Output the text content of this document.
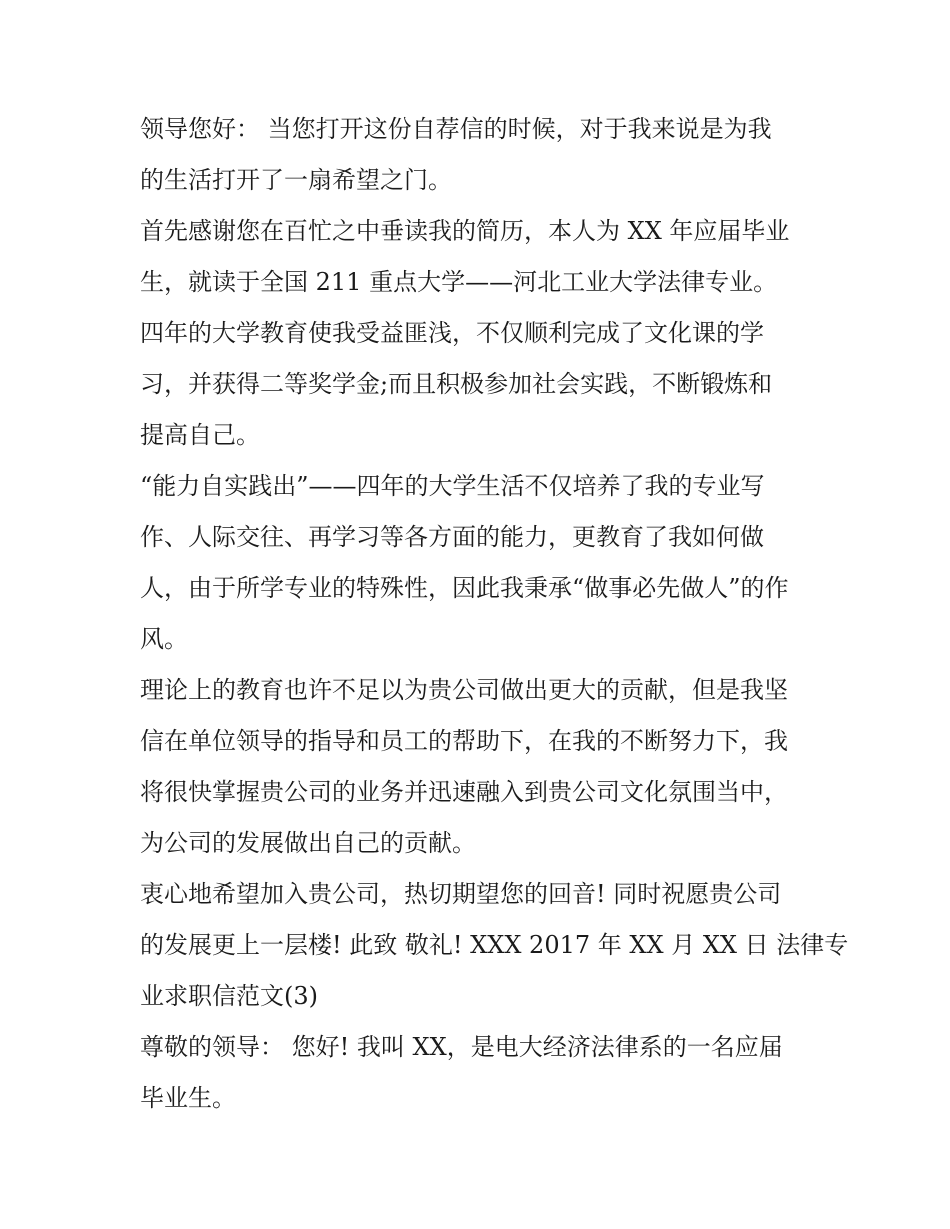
领导您好： 当您打开这份自荐信的时候，对于我来说是为我
的生活打开了一扇希望之门。
首先感谢您在百忙之中垂读我的简历，本人为 XX 年应届毕业
生，就读于全国 211 重点大学——河北工业大学法律专业。
四年的大学教育使我受益匪浅，不仅顺利完成了文化课的学
习，并获得二等奖学金;而且积极参加社会实践，不断锻炼和
提高自己。
“能力自实践出”——四年的大学生活不仅培养了我的专业写
作、人际交往、再学习等各方面的能力，更教育了我如何做
人，由于所学专业的特殊性，因此我秉承“做事必先做人”的作
风。
理论上的教育也许不足以为贵公司做出更大的贡献，但是我坚
信在单位领导的指导和员工的帮助下，在我的不断努力下，我
将很快掌握贵公司的业务并迅速融入到贵公司文化氛围当中，
为公司的发展做出自己的贡献。
衷心地希望加入贵公司，热切期望您的回音! 同时祝愿贵公司
的发展更上一层楼! 此致 敬礼! XXX 2017 年 XX 月 XX 日 法律专
业求职信范文(3)
尊敬的领导： 您好! 我叫 XX，是电大经济法律系的一名应届
毕业生。
